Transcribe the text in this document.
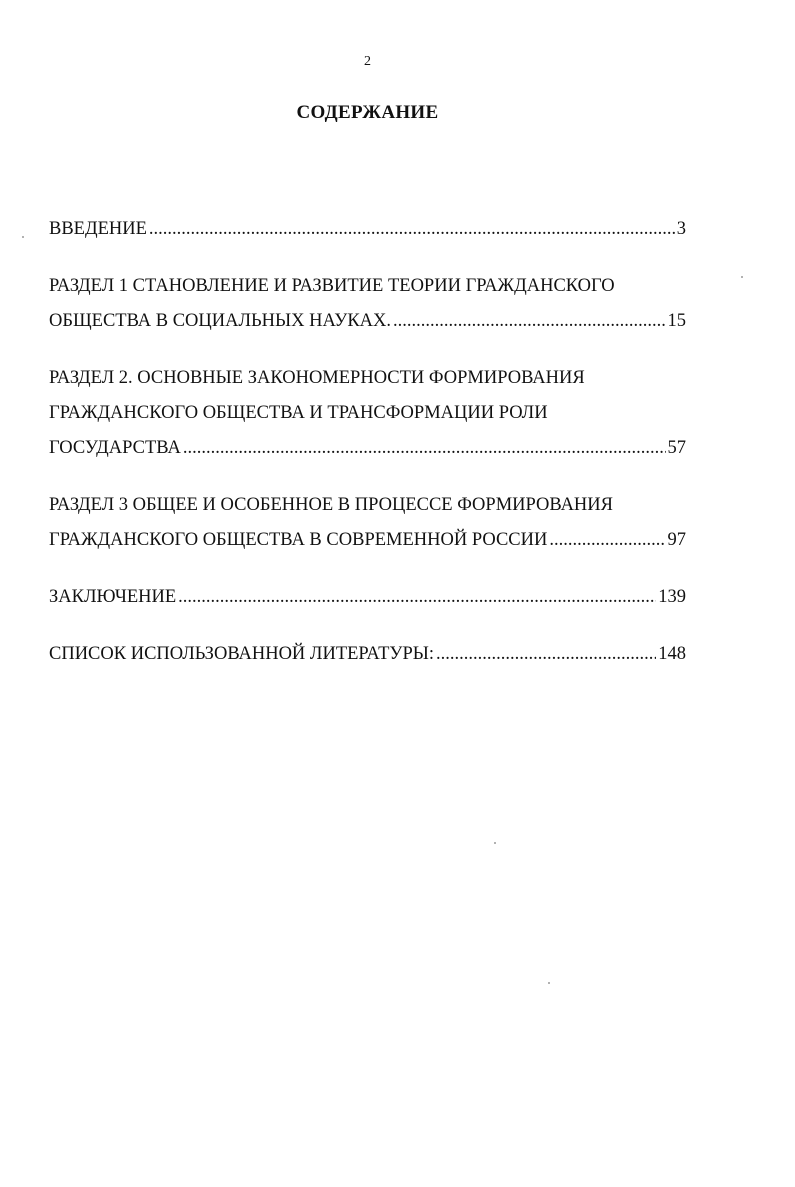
2
СОДЕРЖАНИЕ
ВВЕДЕНИЕ .....	3
РАЗДЕЛ 1 СТАНОВЛЕНИЕ И РАЗВИТИЕ ТЕОРИИ ГРАЖДАНСКОГО
ОБЩЕСТВА В СОЦИАЛЬНЫХ НАУКАХ. .....	15
РАЗДЕЛ 2. ОСНОВНЫЕ ЗАКОНОМЕРНОСТИ ФОРМИРОВАНИЯ
ГРАЖДАНСКОГО ОБЩЕСТВА И ТРАНСФОРМАЦИИ РОЛИ
ГОСУДАРСТВА .....	57
РАЗДЕЛ 3 ОБЩЕЕ И ОСОБЕННОЕ В ПРОЦЕССЕ ФОРМИРОВАНИЯ
ГРАЖДАНСКОГО ОБЩЕСТВА В СОВРЕМЕННОЙ РОССИИ .....	97
ЗАКЛЮЧЕНИЕ .....	139
СПИСОК ИСПОЛЬЗОВАННОЙ ЛИТЕРАТУРЫ: .....	148
